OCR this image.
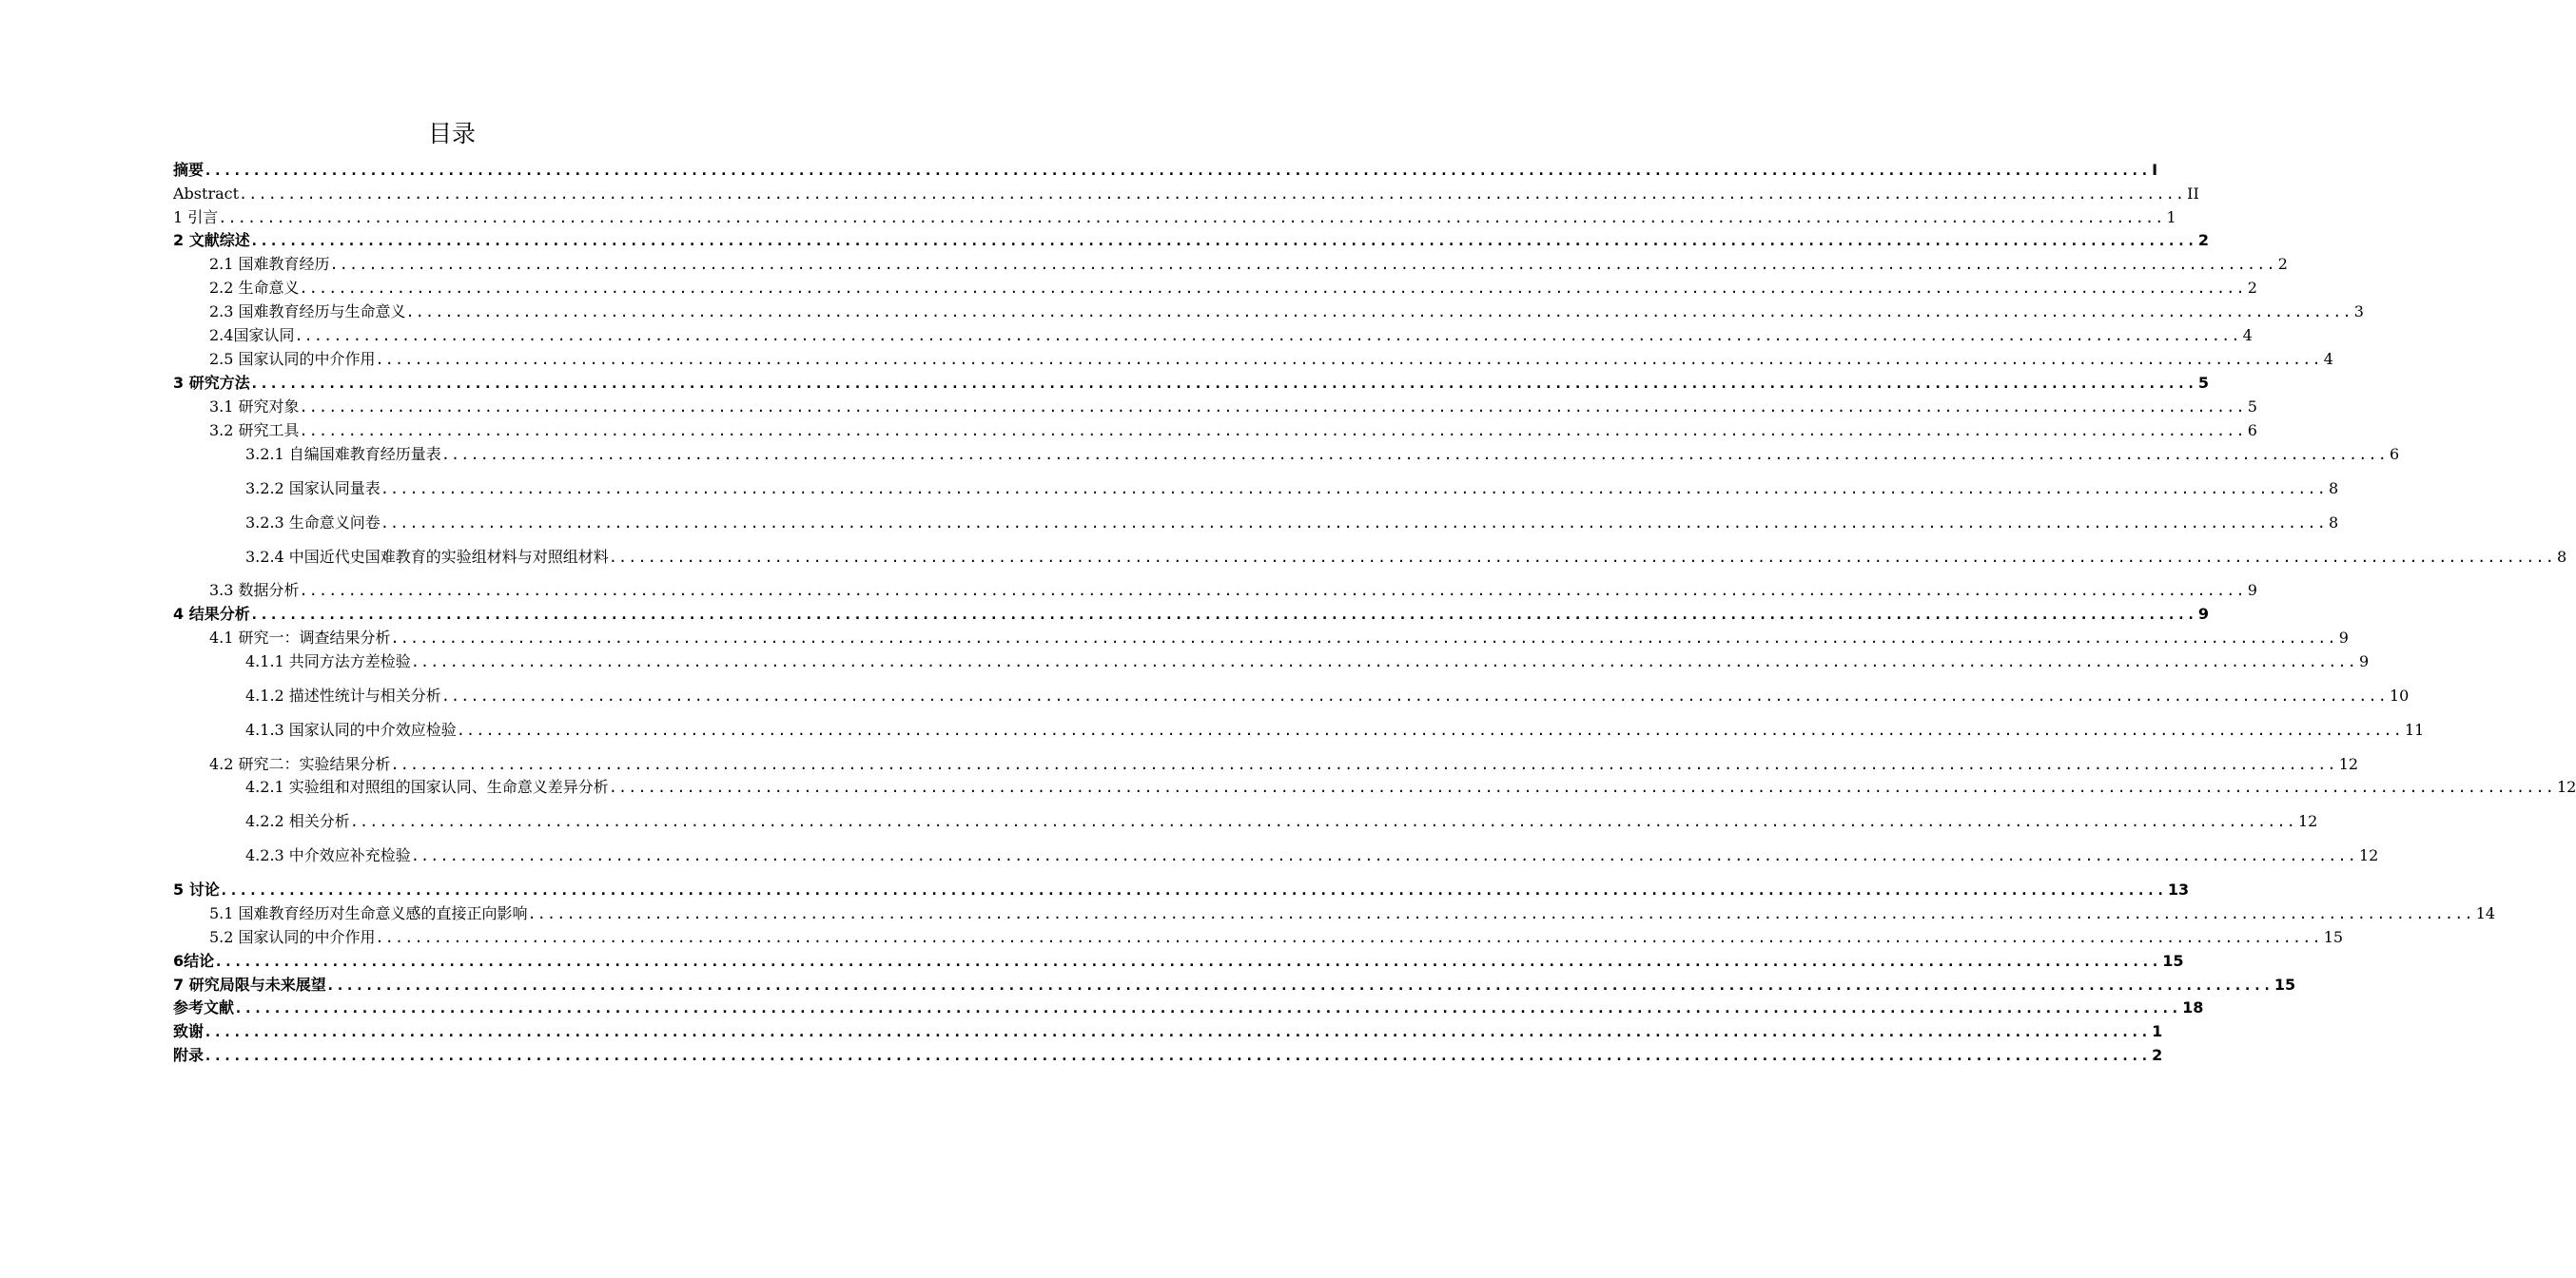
目录
摘要 ........................................................................................................................................................................................................ I
Abstract ........................................................................................................................................................................................................ II
1 引言 ........................................................................................................................................................................................................ 1
2 文献综述 ........................................................................................................................................................................................................ 2
2.1 国难教育经历 ........................................................................................................................................................................................................ 2
2.2 生命意义 ........................................................................................................................................................................................................ 2
2.3 国难教育经历与生命意义 ........................................................................................................................................................................................................ 3
2.4国家认同 ........................................................................................................................................................................................................ 4
2.5 国家认同的中介作用 ........................................................................................................................................................................................................ 4
3 研究方法 ........................................................................................................................................................................................................ 5
3.1 研究对象 ........................................................................................................................................................................................................ 5
3.2 研究工具 ........................................................................................................................................................................................................ 6
3.2.1 自编国难教育经历量表 ........................................................................................................................................................................................................ 6
3.2.2 国家认同量表 ........................................................................................................................................................................................................ 8
3.2.3 生命意义问卷 ........................................................................................................................................................................................................ 8
3.2.4 中国近代史国难教育的实验组材料与对照组材料 ........................................................................................................................................................................................................ 8
3.3 数据分析 ........................................................................................................................................................................................................ 9
4 结果分析 ........................................................................................................................................................................................................ 9
4.1 研究一：调查结果分析 ........................................................................................................................................................................................................ 9
4.1.1 共同方法方差检验 ........................................................................................................................................................................................................ 9
4.1.2 描述性统计与相关分析 ........................................................................................................................................................................................................ 10
4.1.3 国家认同的中介效应检验 ........................................................................................................................................................................................................ 11
4.2 研究二：实验结果分析 ........................................................................................................................................................................................................ 12
4.2.1 实验组和对照组的国家认同、生命意义差异分析 ........................................................................................................................................................................................................ 12
4.2.2 相关分析 ........................................................................................................................................................................................................ 12
4.2.3 中介效应补充检验 ........................................................................................................................................................................................................ 12
5 讨论 ........................................................................................................................................................................................................ 13
5.1 国难教育经历对生命意义感的直接正向影响 ........................................................................................................................................................................................................ 14
5.2 国家认同的中介作用 ........................................................................................................................................................................................................ 15
6结论 ........................................................................................................................................................................................................ 15
7 研究局限与未来展望 ........................................................................................................................................................................................................ 15
参考文献 ........................................................................................................................................................................................................ 18
致谢 ........................................................................................................................................................................................................ 1
附录 ........................................................................................................................................................................................................ 2
